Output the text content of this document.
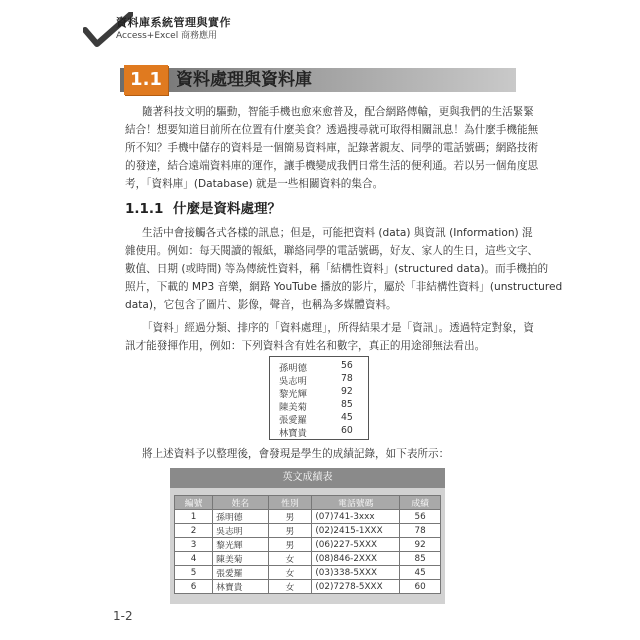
資料庫系統管理與實作
Access+Excel 商務應用
1.1 資料處理與資料庫
隨著科技文明的驅動，智能手機也愈來愈普及，配合網路傳輸，更與我們的生活緊緊
結合！想要知道目前所在位置有什麼美食？透過搜尋就可取得相關訊息！為什麼手機能無
所不知？手機中儲存的資料是一個簡易資料庫，記錄著親友、同學的電話號碼；網路技術
的發達，結合遠端資料庫的運作，讓手機變成我們日常生活的便利通。若以另一個角度思
考，「資料庫」(Database) 就是一些相關資料的集合。
1.1.1 什麼是資料處理？
生活中會接觸各式各樣的訊息；但是，可能把資料 (data) 與資訊 (Information) 混
雜使用。例如：每天閱讀的報紙，聯絡同學的電話號碼，好友、家人的生日，這些文字、
數值、日期 (或時間) 等為傳統性資料，稱「結構性資料」(structured data)。而手機拍的
照片，下載的 MP3 音樂，網路 YouTube 播放的影片，屬於「非結構性資料」(unstructured
data)，它包含了圖片、影像，聲音，也稱為多媒體資料。
「資料」經過分類、排序的「資料處理」，所得結果才是「資訊」。透過特定對象，資
訊才能發揮作用，例如：下列資料含有姓名和數字，真正的用途卻無法看出。
孫明德	56
吳志明	78
黎光輝	92
陳美菊	85
張愛羅	45
林寶貴	60
將上述資料予以整理後，會發現是學生的成績記錄，如下表所示：
英文成績表
編號	姓名	性別	電話號碼	成績
1	孫明德	男	(07)741-3xxx	56
2	吳志明	男	(02)2415-1XXX	78
3	黎光輝	男	(06)227-5XXX	92
4	陳美菊	女	(08)846-2XXX	85
5	張愛羅	女	(03)338-5XXX	45
6	林寶貴	女	(02)7278-5XXX	60
1-2
